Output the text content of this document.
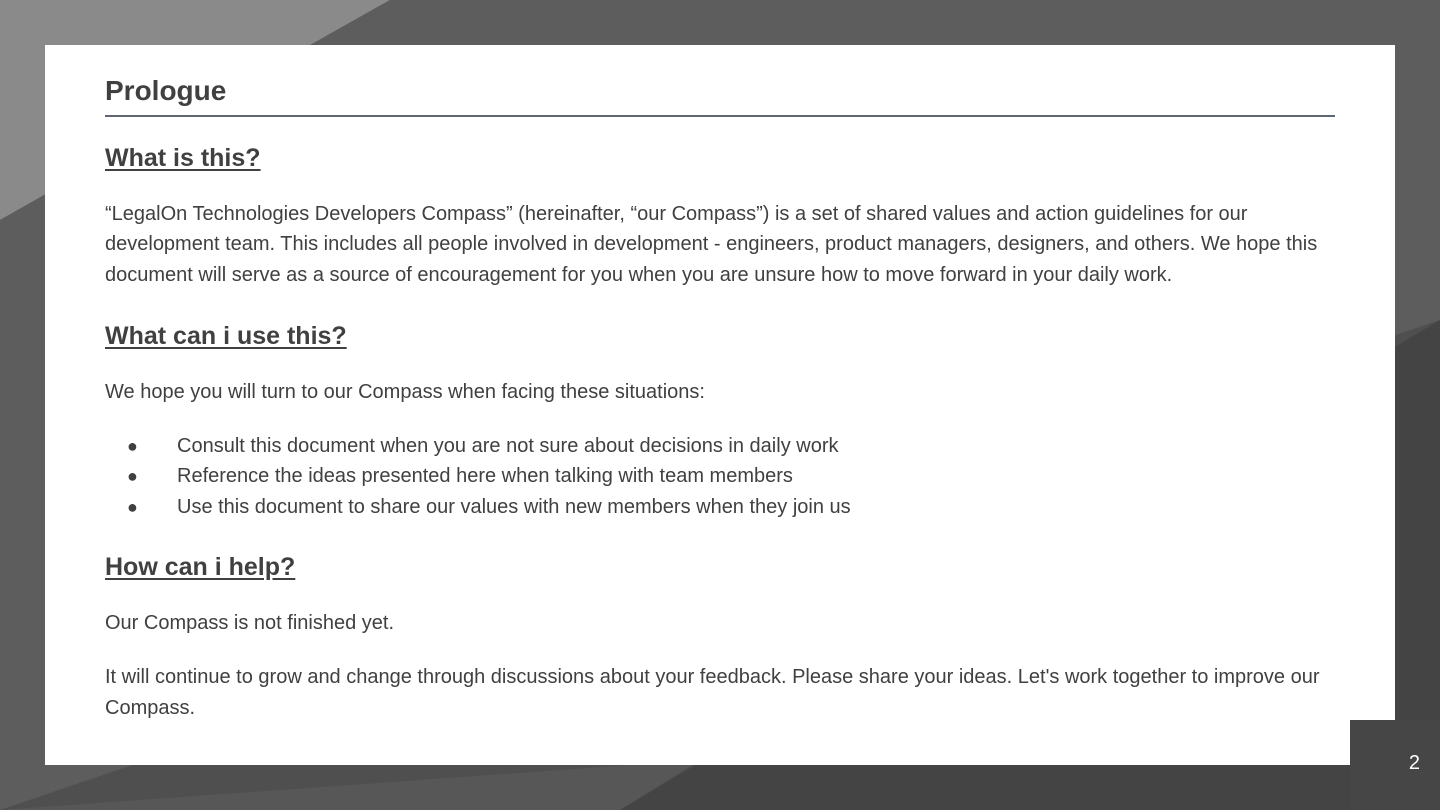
Prologue
What is this?

“LegalOn Technologies Developers Compass” (hereinafter, “our Compass”) is a set of shared values and action guidelines for our development team. This includes all people involved in development - engineers, product managers, designers, and others. We hope this document will serve as a source of encouragement for you when you are unsure how to move forward in your daily work.

What can i use this?

We hope you will turn to our Compass when facing these situations:

● Consult this document when you are not sure about decisions in daily work
● Reference the ideas presented here when talking with team members
● Use this document to share our values with new members when they join us
How can i help?

Our Compass is not finished yet.

It will continue to grow and change through discussions about your feedback. Please share your ideas. Let's work together to improve our Compass.

2
